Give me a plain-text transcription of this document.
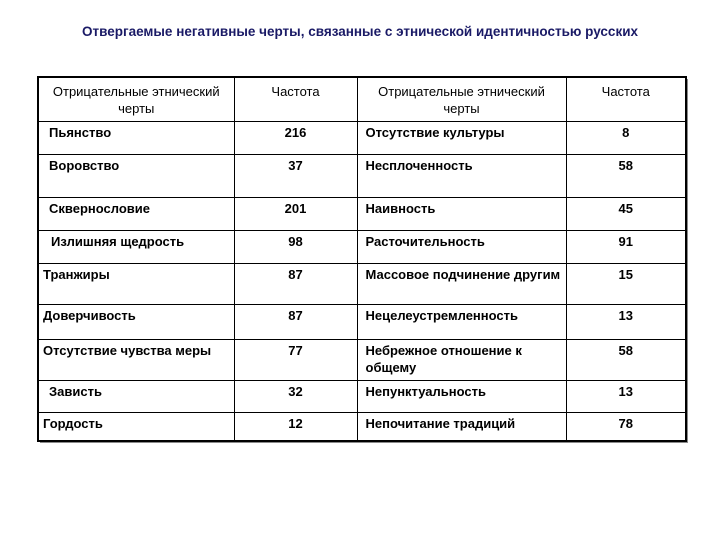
Отвергаемые негативные черты, связанные с этнической идентичностью русских
Отрицательные этнический черты	Частота	Отрицательные этнический черты	Частота
Пьянство	216	Отсутствие культуры	8
Воровство	37	Несплоченность	58
Сквернословие	201	Наивность	45
Излишняя щедрость	98	Расточительность	91
Транжиры	87	Массовое подчинение другим	15
Доверчивость	87	Нецелеустремленность	13
Отсутствие чувства меры	77	Небрежное отношение к общему	58
Зависть	32	Непунктуальность	13
Гордость	12	Непочитание традиций	78
